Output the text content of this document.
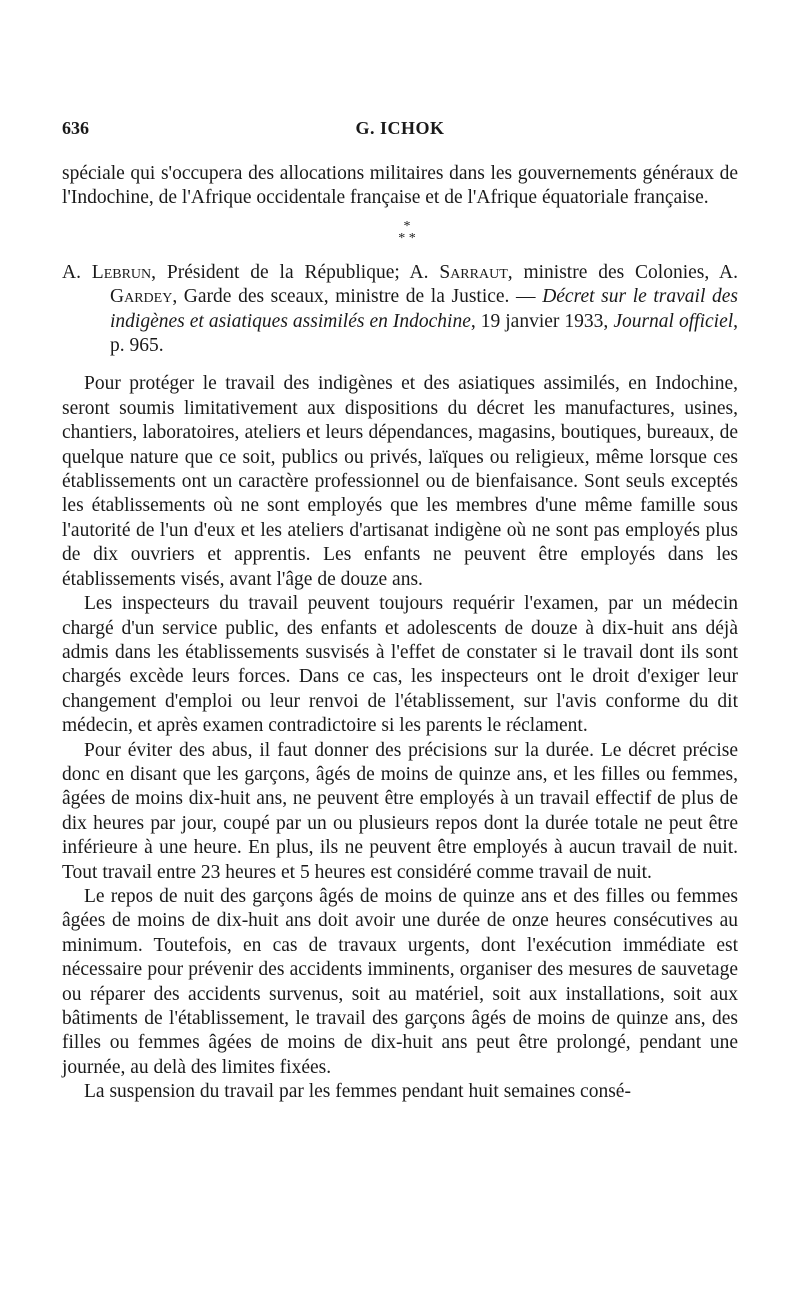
636	G. ICHOK

spéciale qui s'occupera des allocations militaires dans les gouvernements généraux de l'Indochine, de l'Afrique occidentale française et de l'Afrique équatoriale française.

*
* *

A. Lebrun, Président de la République; A. Sarraut, ministre des Colonies, A. Gardey, Garde des sceaux, ministre de la Justice. — Décret sur le travail des indigènes et asiatiques assimilés en Indochine, 19 janvier 1933, Journal officiel, p. 965.

Pour protéger le travail des indigènes et des asiatiques assimilés, en Indochine, seront soumis limitativement aux dispositions du décret les manufactures, usines, chantiers, laboratoires, ateliers et leurs dépendances, magasins, boutiques, bureaux, de quelque nature que ce soit, publics ou privés, laïques ou religieux, même lorsque ces établissements ont un caractère professionnel ou de bienfaisance. Sont seuls exceptés les établissements où ne sont employés que les membres d'une même famille sous l'autorité de l'un d'eux et les ateliers d'artisanat indigène où ne sont pas employés plus de dix ouvriers et apprentis. Les enfants ne peuvent être employés dans les établissements visés, avant l'âge de douze ans.

Les inspecteurs du travail peuvent toujours requérir l'examen, par un médecin chargé d'un service public, des enfants et adolescents de douze à dix-huit ans déjà admis dans les établissements susvisés à l'effet de constater si le travail dont ils sont chargés excède leurs forces. Dans ce cas, les inspecteurs ont le droit d'exiger leur changement d'emploi ou leur renvoi de l'établissement, sur l'avis conforme du dit médecin, et après examen contradictoire si les parents le réclament.

Pour éviter des abus, il faut donner des précisions sur la durée. Le décret précise donc en disant que les garçons, âgés de moins de quinze ans, et les filles ou femmes, âgées de moins dix-huit ans, ne peuvent être employés à un travail effectif de plus de dix heures par jour, coupé par un ou plusieurs repos dont la durée totale ne peut être inférieure à une heure. En plus, ils ne peuvent être employés à aucun travail de nuit. Tout travail entre 23 heures et 5 heures est considéré comme travail de nuit.

Le repos de nuit des garçons âgés de moins de quinze ans et des filles ou femmes âgées de moins de dix-huit ans doit avoir une durée de onze heures consécutives au minimum. Toutefois, en cas de travaux urgents, dont l'exécution immédiate est nécessaire pour prévenir des accidents imminents, organiser des mesures de sauvetage ou réparer des accidents survenus, soit au matériel, soit aux installations, soit aux bâtiments de l'établissement, le travail des garçons âgés de moins de quinze ans, des filles ou femmes âgées de moins de dix-huit ans peut être prolongé, pendant une journée, au delà des limites fixées.

La suspension du travail par les femmes pendant huit semaines consé-
